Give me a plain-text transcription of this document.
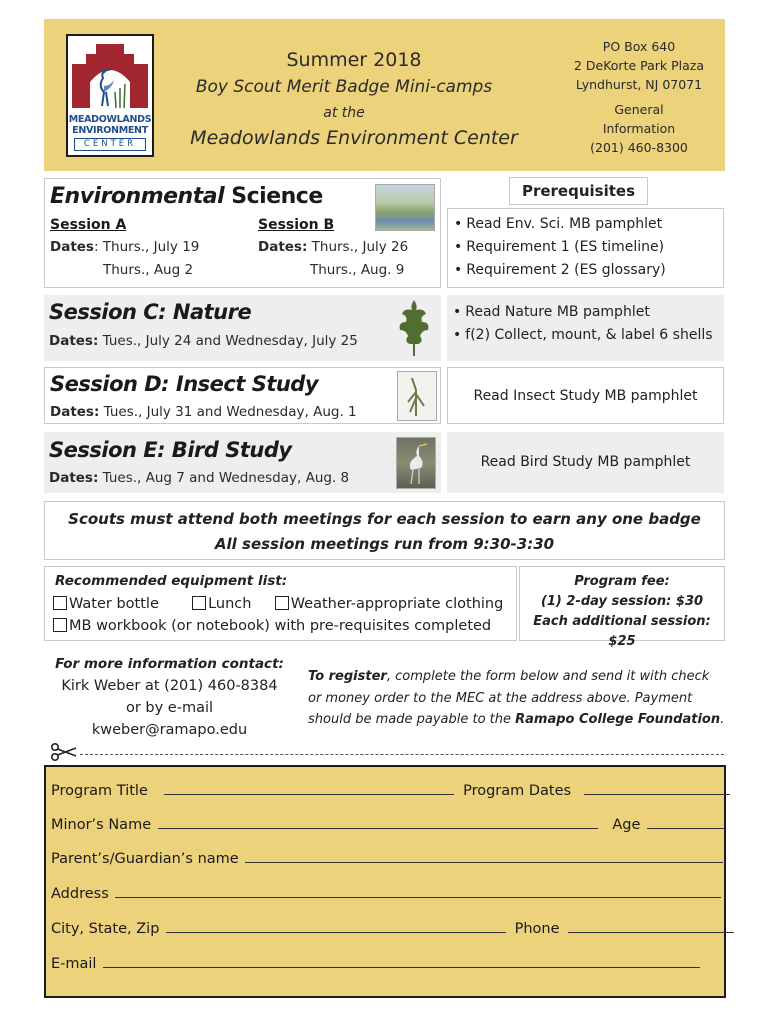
MEADOWLANDS
ENVIRONMENT
CENTER
Summer 2018
Boy Scout Merit Badge Mini-camps
at the
Meadowlands Environment Center
PO Box 640
2 DeKorte Park Plaza
Lyndhurst, NJ 07071
General
Information
(201) 460-8300
Environmental Science
Session A
Dates: Thurs., July 19
Thurs., Aug 2
Session B
Dates: Thurs., July 26
Thurs., Aug. 9
Prerequisites
• Read Env. Sci. MB pamphlet
• Requirement 1 (ES timeline)
• Requirement 2 (ES glossary)
Session C: Nature
Dates: Tues., July 24 and Wednesday, July 25
• Read Nature MB pamphlet
• f(2) Collect, mount, & label 6 shells
Session D: Insect Study
Dates: Tues., July 31 and Wednesday, Aug. 1
Read Insect Study MB pamphlet
Session E: Bird Study
Dates: Tues., Aug 7 and Wednesday, Aug. 8
Read Bird Study MB pamphlet
Scouts must attend both meetings for each session to earn any one badge
All session meetings run from 9:30-3:30
Recommended equipment list:
Water bottle	Lunch	Weather-appropriate clothing
MB workbook (or notebook) with pre-requisites completed
Program fee:
(1) 2-day session: $30
Each additional session: $25
For more information contact:
Kirk Weber at (201) 460-8384
or by e-mail
kweber@ramapo.edu
To register, complete the form below and send it with check
or money order to the MEC at the address above. Payment
should be made payable to the Ramapo College Foundation.
Program Title	Program Dates
Minor’s Name	Age
Parent’s/Guardian’s name
Address
City, State, Zip	Phone
E-mail
